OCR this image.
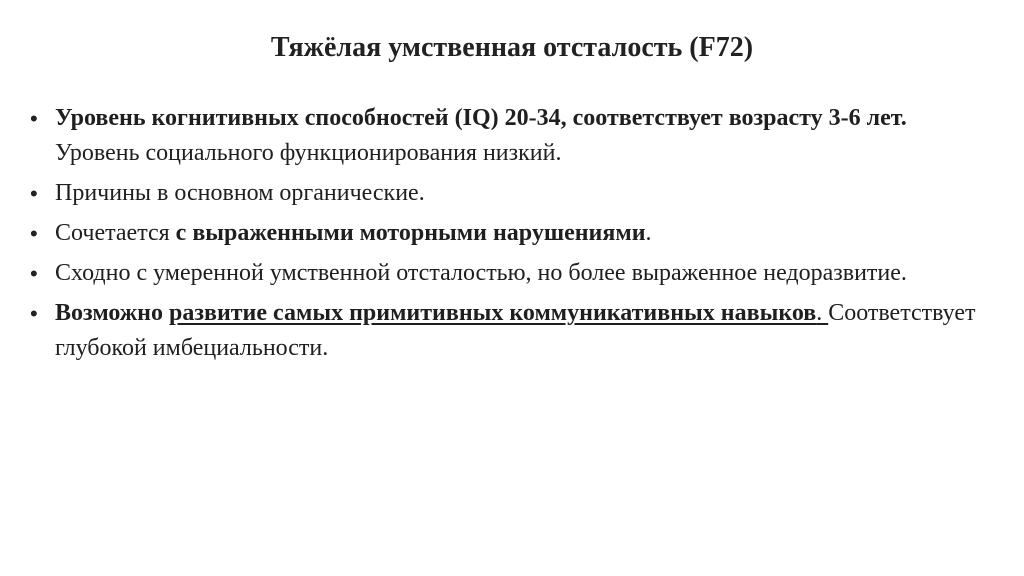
Тяжёлая умственная отсталость (F72)
• Уровень когнитивных способностей (IQ) 20-34, соответствует возрасту 3-6 лет. Уровень социального функционирования низкий.
• Причины в основном органические.
• Сочетается с выраженными моторными нарушениями.
• Сходно с умеренной умственной отсталостью, но более выраженное недоразвитие.
• Возможно развитие самых примитивных коммуникативных навыков. Соответствует глубокой имбециальности.
